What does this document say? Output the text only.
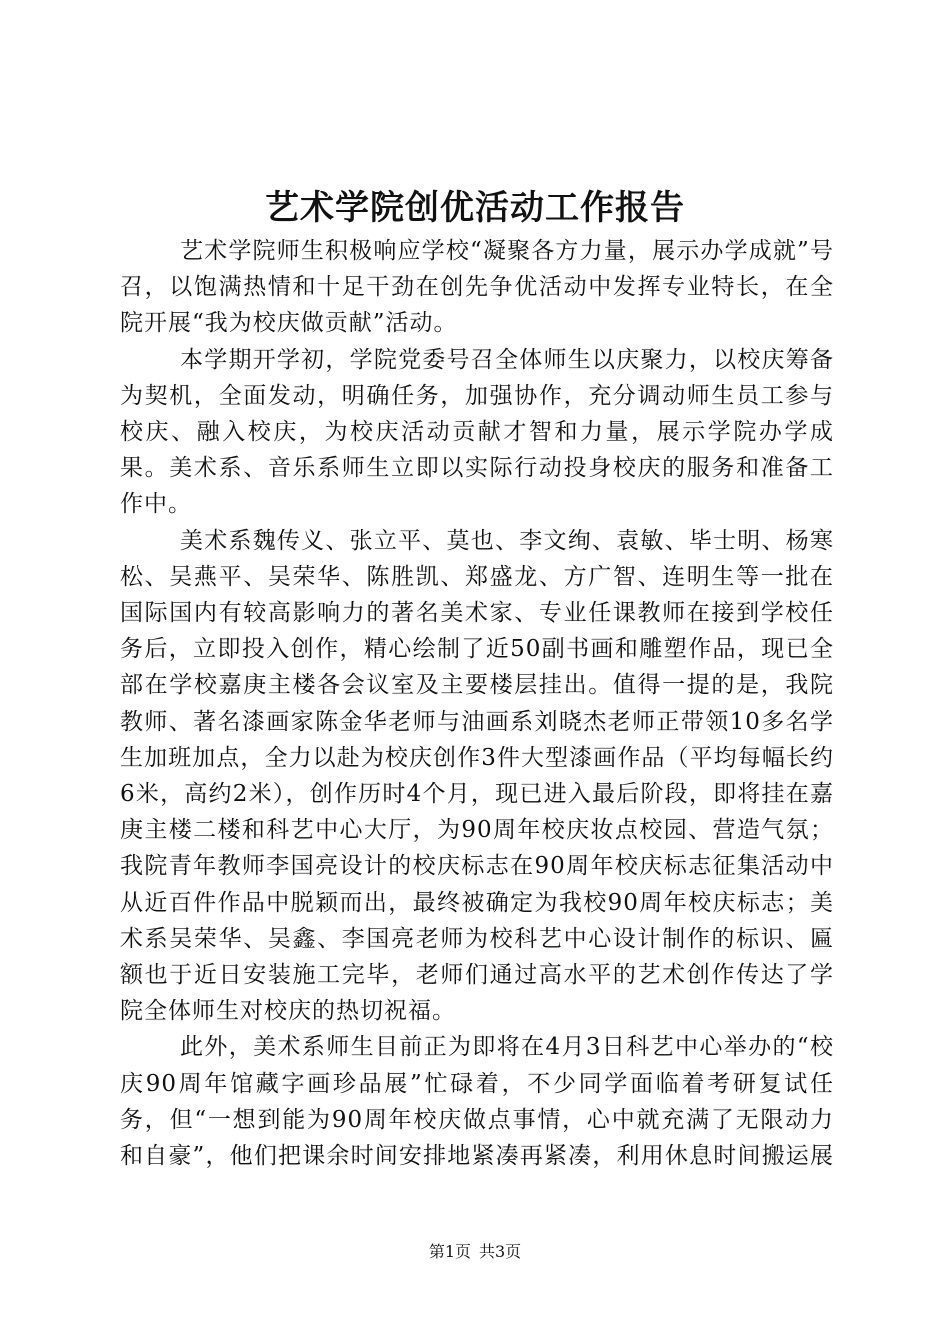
艺术学院创优活动工作报告

艺术学院师生积极响应学校“凝聚各方力量，展示办学成就”号召，以饱满热情和十足干劲在创先争优活动中发挥专业特长，在全院开展“我为校庆做贡献”活动。

本学期开学初，学院党委号召全体师生以庆聚力，以校庆筹备为契机，全面发动，明确任务，加强协作，充分调动师生员工参与校庆、融入校庆，为校庆活动贡献才智和力量，展示学院办学成果。美术系、音乐系师生立即以实际行动投身校庆的服务和准备工作中。

美术系魏传义、张立平、莫也、李文绚、袁敏、毕士明、杨寒松、吴燕平、吴荣华、陈胜凯、郑盛龙、方广智、连明生等一批在国际国内有较高影响力的著名美术家、专业任课教师在接到学校任务后，立即投入创作，精心绘制了近50副书画和雕塑作品，现已全部在学校嘉庚主楼各会议室及主要楼层挂出。值得一提的是，我院教师、著名漆画家陈金华老师与油画系刘晓杰老师正带领10多名学生加班加点，全力以赴为校庆创作3件大型漆画作品（平均每幅长约6米，高约2米），创作历时4个月，现已进入最后阶段，即将挂在嘉庚主楼二楼和科艺中心大厅，为90周年校庆妆点校园、营造气氛；我院青年教师李国亮设计的校庆标志在90周年校庆标志征集活动中从近百件作品中脱颖而出，最终被确定为我校90周年校庆标志；美术系吴荣华、吴鑫、李国亮老师为校科艺中心设计制作的标识、匾额也于近日安装施工完毕，老师们通过高水平的艺术创作传达了学院全体师生对校庆的热切祝福。

此外，美术系师生目前正为即将在4月3日科艺中心举办的“校庆90周年馆藏字画珍品展”忙碌着，不少同学面临着考研复试任务，但“一想到能为90周年校庆做点事情，心中就充满了无限动力和自豪”，他们把课余时间安排地紧凑再紧凑，利用休息时间搬运展

第1页 共3页
